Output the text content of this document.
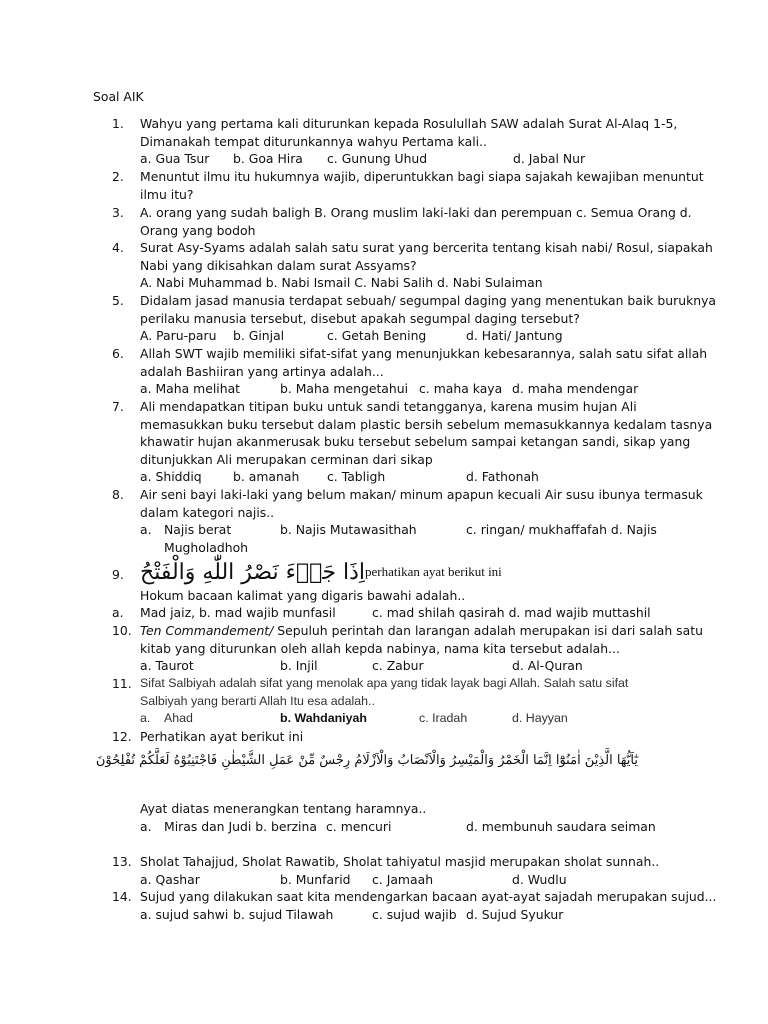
Soal AIK
1.	Wahyu yang pertama kali diturunkan kepada Rosulullah SAW adalah Surat Al-Alaq 1-5,
Dimanakah tempat diturunkannya wahyu Pertama kali..
a. Gua Tsur b. Goa Hira c. Gunung Uhud	d. Jabal Nur
2.	Menuntut ilmu itu hukumnya wajib, diperuntukkan bagi siapa sajakah kewajiban menuntut
ilmu itu?
3.	A. orang yang sudah baligh B. Orang muslim laki-laki dan perempuan c. Semua Orang d.
Orang yang bodoh
4.	Surat Asy-Syams adalah salah satu surat yang bercerita tentang kisah nabi/ Rosul, siapakah
Nabi yang dikisahkan dalam surat Assyams?
A. Nabi Muhammad b. Nabi Ismail C. Nabi Salih d. Nabi Sulaiman
5.	Didalam jasad manusia terdapat sebuah/ segumpal daging yang menentukan baik buruknya
perilaku manusia tersebut, disebut apakah segumpal daging tersebut?
A. Paru-paru b. Ginjal	c. Getah Bening	d. Hati/ Jantung
6.	Allah SWT wajib memiliki sifat-sifat yang menunjukkan kebesarannya, salah satu sifat allah
adalah Bashiiran yang artinya adalah...
a. Maha melihat	b. Maha mengetahui c. maha kaya d. maha mendengar
7.	Ali mendapatkan titipan buku untuk sandi tetangganya, karena musim hujan Ali
memasukkan buku tersebut dalam plastic bersih sebelum memasukkannya kedalam tasnya
khawatir hujan akanmerusak buku tersebut sebelum sampai ketangan sandi, sikap yang
ditunjukkan Ali merupakan cerminan dari sikap
a. Shiddiq	b. amanah c. Tabligh	d. Fathonah
8.	Air seni bayi laki-laki yang belum makan/ minum apapun kecuali Air susu ibunya termasuk
dalam kategori najis..
a. Najis berat	b. Najis Mutawasithah	c. ringan/ mukhaffafah d. Najis
Mugholadhoh
9. اِذَا جَاۤءَ نَصْرُ اللّٰهِ وَالْفَتْحُperhatikan ayat berikut ini
Hokum bacaan kalimat yang digaris bawahi adalah..
a.	Mad jaiz, b. mad wajib munfasil	c. mad shilah qasirah d. mad wajib muttashil
10. Ten Commandement/ Sepuluh perintah dan larangan adalah merupakan isi dari salah satu
kitab yang diturunkan oleh allah kepda nabinya, nama kita tersebut adalah...
a. Taurot	b. Injil	c. Zabur	d. Al-Quran
11. Sifat Salbiyah adalah sifat yang menolak apa yang tidak layak bagi Allah. Salah satu sifat
Salbiyah yang berarti Allah Itu esa adalah..
a. Ahad	b. Wahdaniyah	c. Iradah	d. Hayyan
12. Perhatikan ayat berikut ini
يٰٓاَيُّهَا الَّذِيْنَ اٰمَنُوْٓا اِنَّمَا الْخَمْرُ وَالْمَيْسِرُ وَالْاَنْصَابُ وَالْاَزْلَامُ رِجْسٌ مِّنْ عَمَلِ الشَّيْطٰنِ فَاجْتَنِبُوْهُ لَعَلَّكُمْ تُفْلِحُوْنَ
Ayat diatas menerangkan tentang haramnya..
a. Miras dan Judi b. berzina c. mencuri	d. membunuh saudara seiman
13. Sholat Tahajjud, Sholat Rawatib, Sholat tahiyatul masjid merupakan sholat sunnah..
a. Qashar	b. Munfarid c. Jamaah	d. Wudlu
14. Sujud yang dilakukan saat kita mendengarkan bacaan ayat-ayat sajadah merupakan sujud...
a. sujud sahwi b. sujud Tilawah	c. sujud wajib d. Sujud Syukur
